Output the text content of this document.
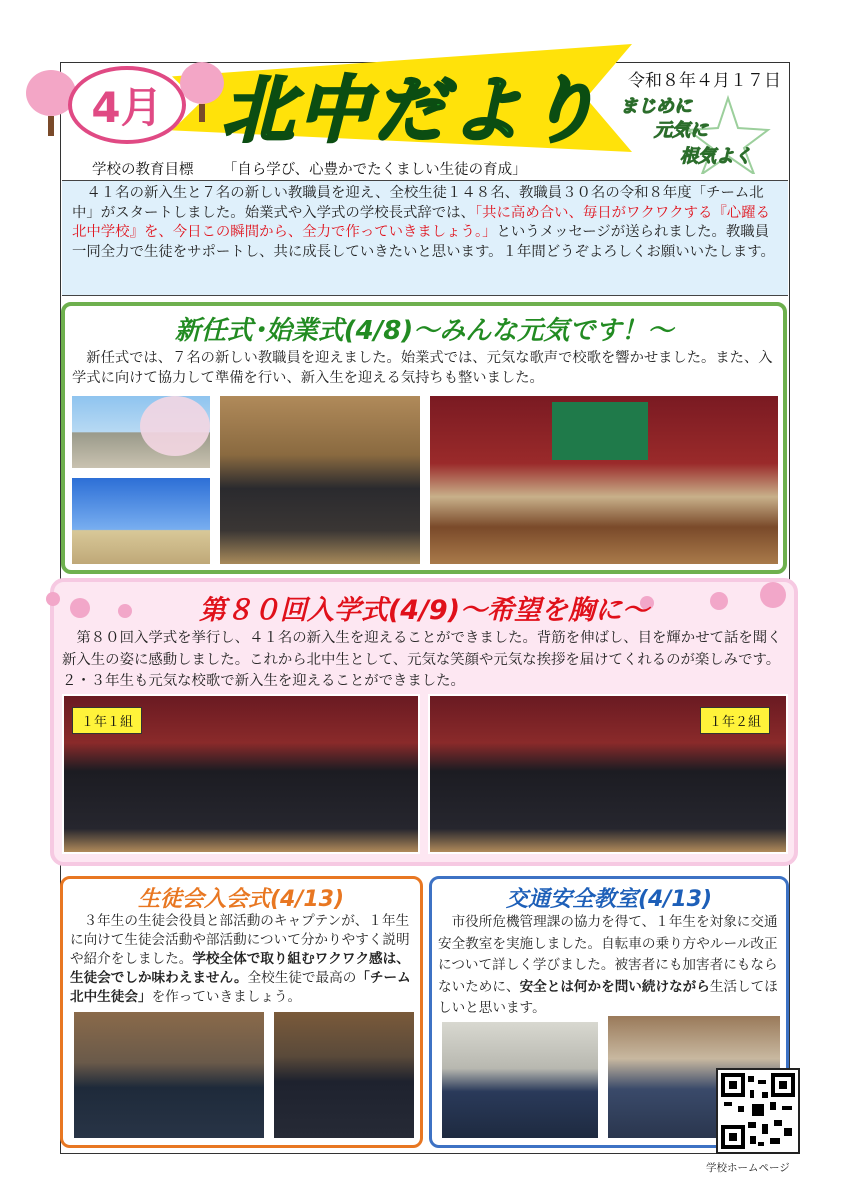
4月 北中だより 令和８年４月１７日
まじめに
元気に
根気よく
学校の教育目標 「自ら学び、心豊かでたくましい生徒の育成」
　４１名の新入生と７名の新しい教職員を迎え、全校生徒１４８名、教職員３０名の令和８年度「チーム北中」がスタートしました。始業式や入学式の学校長式辞では、「共に高め合い、毎日がワクワクする『心躍る北中学校』を、今日この瞬間から、全力で作っていきましょう。」というメッセージが送られました。教職員一同全力で生徒をサポートし、共に成長していきたいと思います。１年間どうぞよろしくお願いいたします。
新任式･始業式(4/8)～みんな元気です！～
　新任式では、７名の新しい教職員を迎えました。始業式では、元気な歌声で校歌を響かせました。また、入学式に向けて協力して準備を行い、新入生を迎える気持ちも整いました。
第８０回入学式(4/9)～希望を胸に～
　第８０回入学式を挙行し、４１名の新入生を迎えることができました。背筋を伸ばし、目を輝かせて話を聞く新入生の姿に感動しました。これから北中生として、元気な笑顔や元気な挨拶を届けてくれるのが楽しみです。２・３年生も元気な校歌で新入生を迎えることができました。
１年１組	１年２組
生徒会入会式(4/13)
　３年生の生徒会役員と部活動のキャプテンが、１年生に向けて生徒会活動や部活動について分かりやすく説明や紹介をしました。学校全体で取り組むワクワク感は、生徒会でしか味わえません。全校生徒で最高の「チーム北中生徒会」を作っていきましょう。
交通安全教室(4/13)
　市役所危機管理課の協力を得て、１年生を対象に交通安全教室を実施しました。自転車の乗り方やルール改正について詳しく学びました。被害者にも加害者にもならないために、安全とは何かを問い続けながら生活してほしいと思います。
学校ホームページ
